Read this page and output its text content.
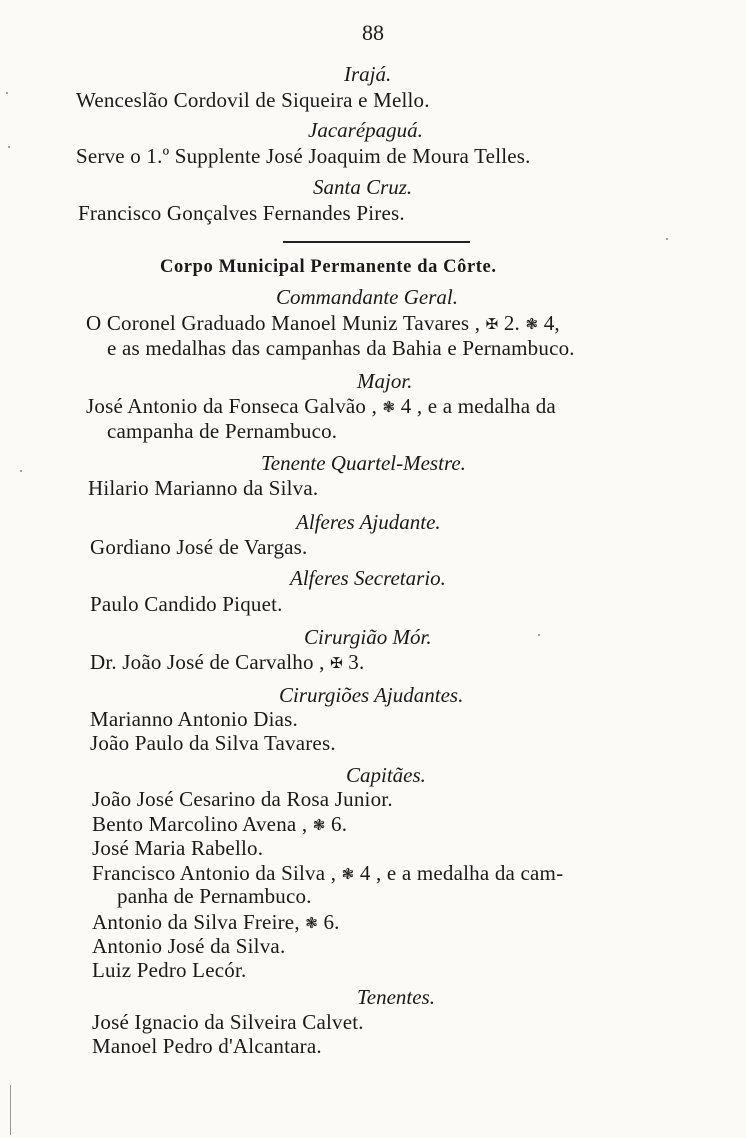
88
Irajá.
Wenceslão Cordovil de Siqueira e Mello.
Jacarépaguá.
Serve o 1.º Supplente José Joaquim de Moura Telles.
Santa Cruz.
Francisco Gonçalves Fernandes Pires.
Corpo Municipal Permanente da Côrte.
Commandante Geral.
O Coronel Graduado Manoel Muniz Tavares , ✠ 2. ❃ 4,
e as medalhas das campanhas da Bahia e Pernambuco.
Major.
José Antonio da Fonseca Galvão , ❃ 4 , e a medalha da
campanha de Pernambuco.
Tenente Quartel-Mestre.
Hilario Marianno da Silva.
Alferes Ajudante.
Gordiano José de Vargas.
Alferes Secretario.
Paulo Candido Piquet.
Cirurgião Mór.
Dr. João José de Carvalho , ✠ 3.
Cirurgiões Ajudantes.
Marianno Antonio Dias.
João Paulo da Silva Tavares.
Capitães.
João José Cesarino da Rosa Junior.
Bento Marcolino Avena , ❃ 6.
José Maria Rabello.
Francisco Antonio da Silva , ❃ 4 , e a medalha da cam-
panha de Pernambuco.
Antonio da Silva Freire, ❃ 6.
Antonio José da Silva.
Luiz Pedro Lecór.
Tenentes.
José Ignacio da Silveira Calvet.
Manoel Pedro d'Alcantara.
